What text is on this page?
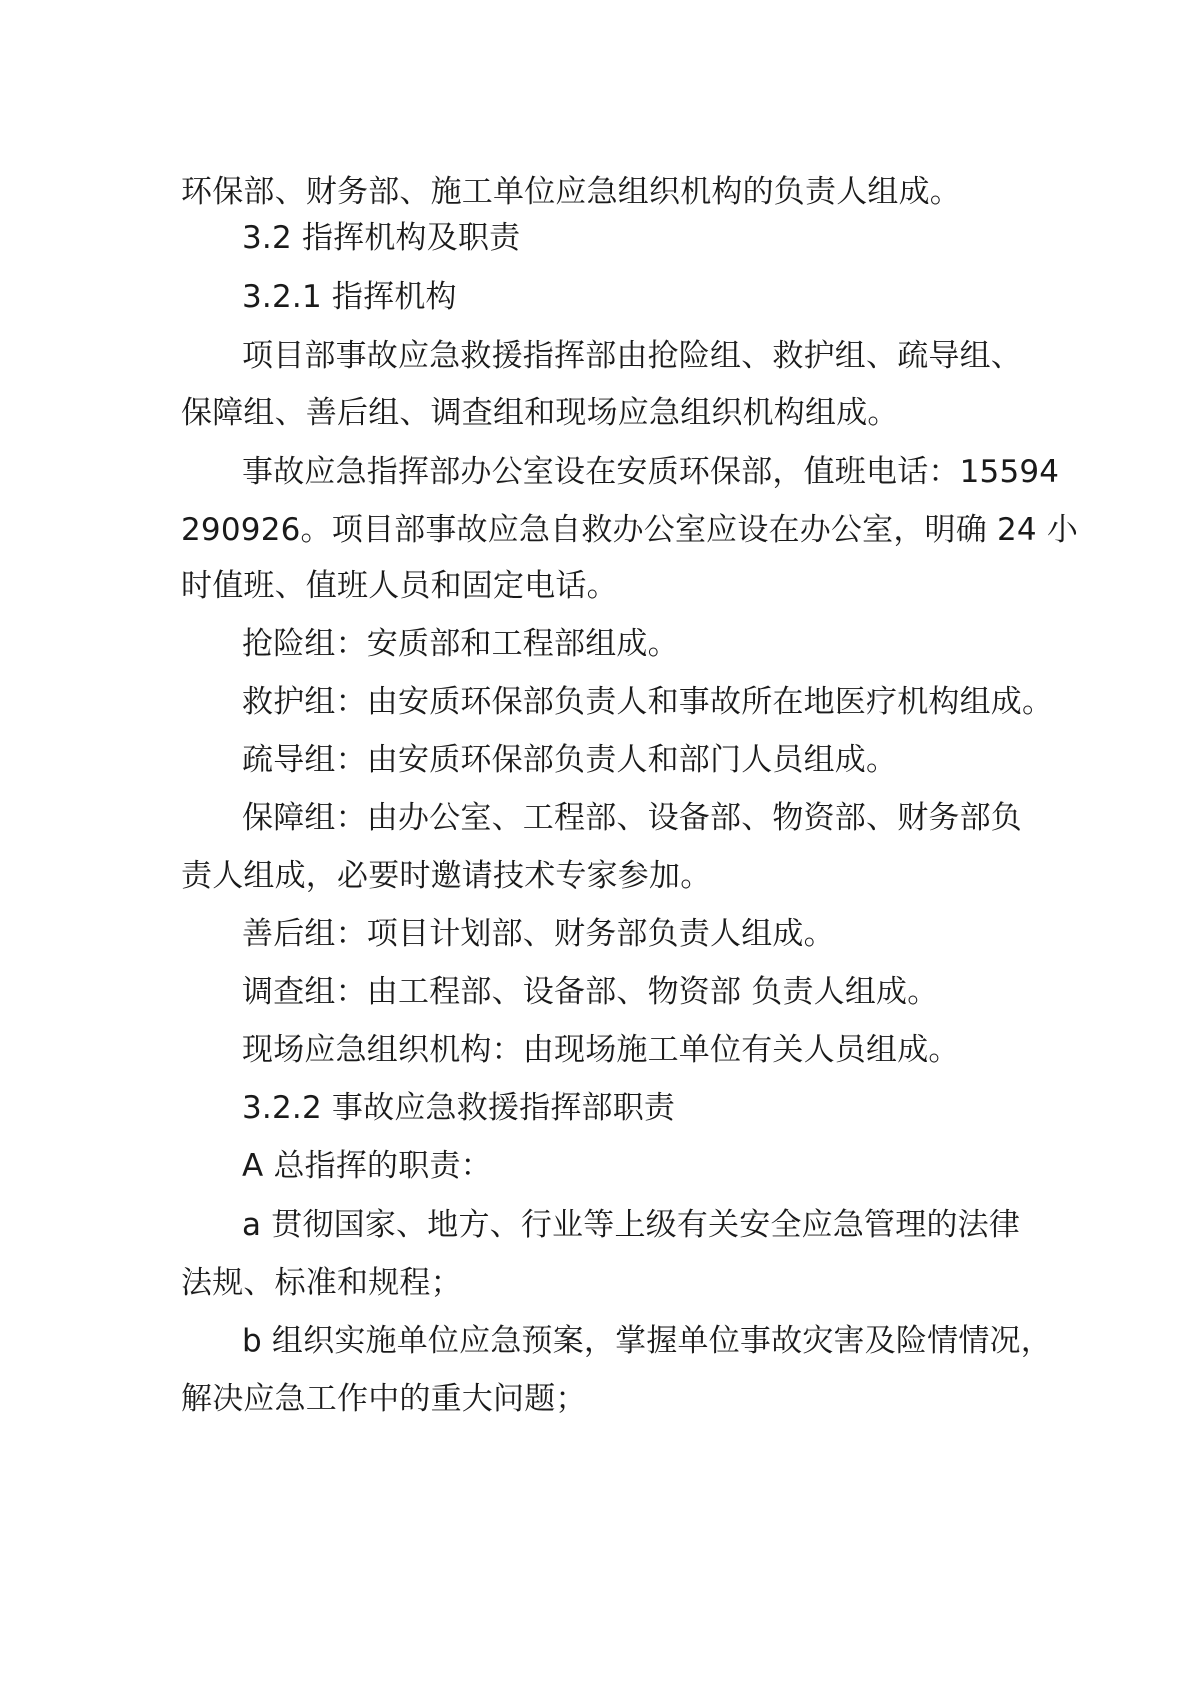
环保部、财务部、施工单位应急组织机构的负责人组成。
3.2 指挥机构及职责
3.2.1 指挥机构
项目部事故应急救援指挥部由抢险组、救护组、疏导组、
保障组、善后组、调查组和现场应急组织机构组成。
事故应急指挥部办公室设在安质环保部，值班电话：15594
290926。项目部事故应急自救办公室应设在办公室，明确 24 小
时值班、值班人员和固定电话。
抢险组：安质部和工程部组成。
救护组：由安质环保部负责人和事故所在地医疗机构组成。
疏导组：由安质环保部负责人和部门人员组成。
保障组：由办公室、工程部、设备部、物资部、财务部负
责人组成，必要时邀请技术专家参加。
善后组：项目计划部、财务部负责人组成。
调查组：由工程部、设备部、物资部 负责人组成。
现场应急组织机构：由现场施工单位有关人员组成。
3.2.2 事故应急救援指挥部职责
A 总指挥的职责：
a 贯彻国家、地方、行业等上级有关安全应急管理的法律
法规、标准和规程；
b 组织实施单位应急预案，掌握单位事故灾害及险情情况，
解决应急工作中的重大问题；
